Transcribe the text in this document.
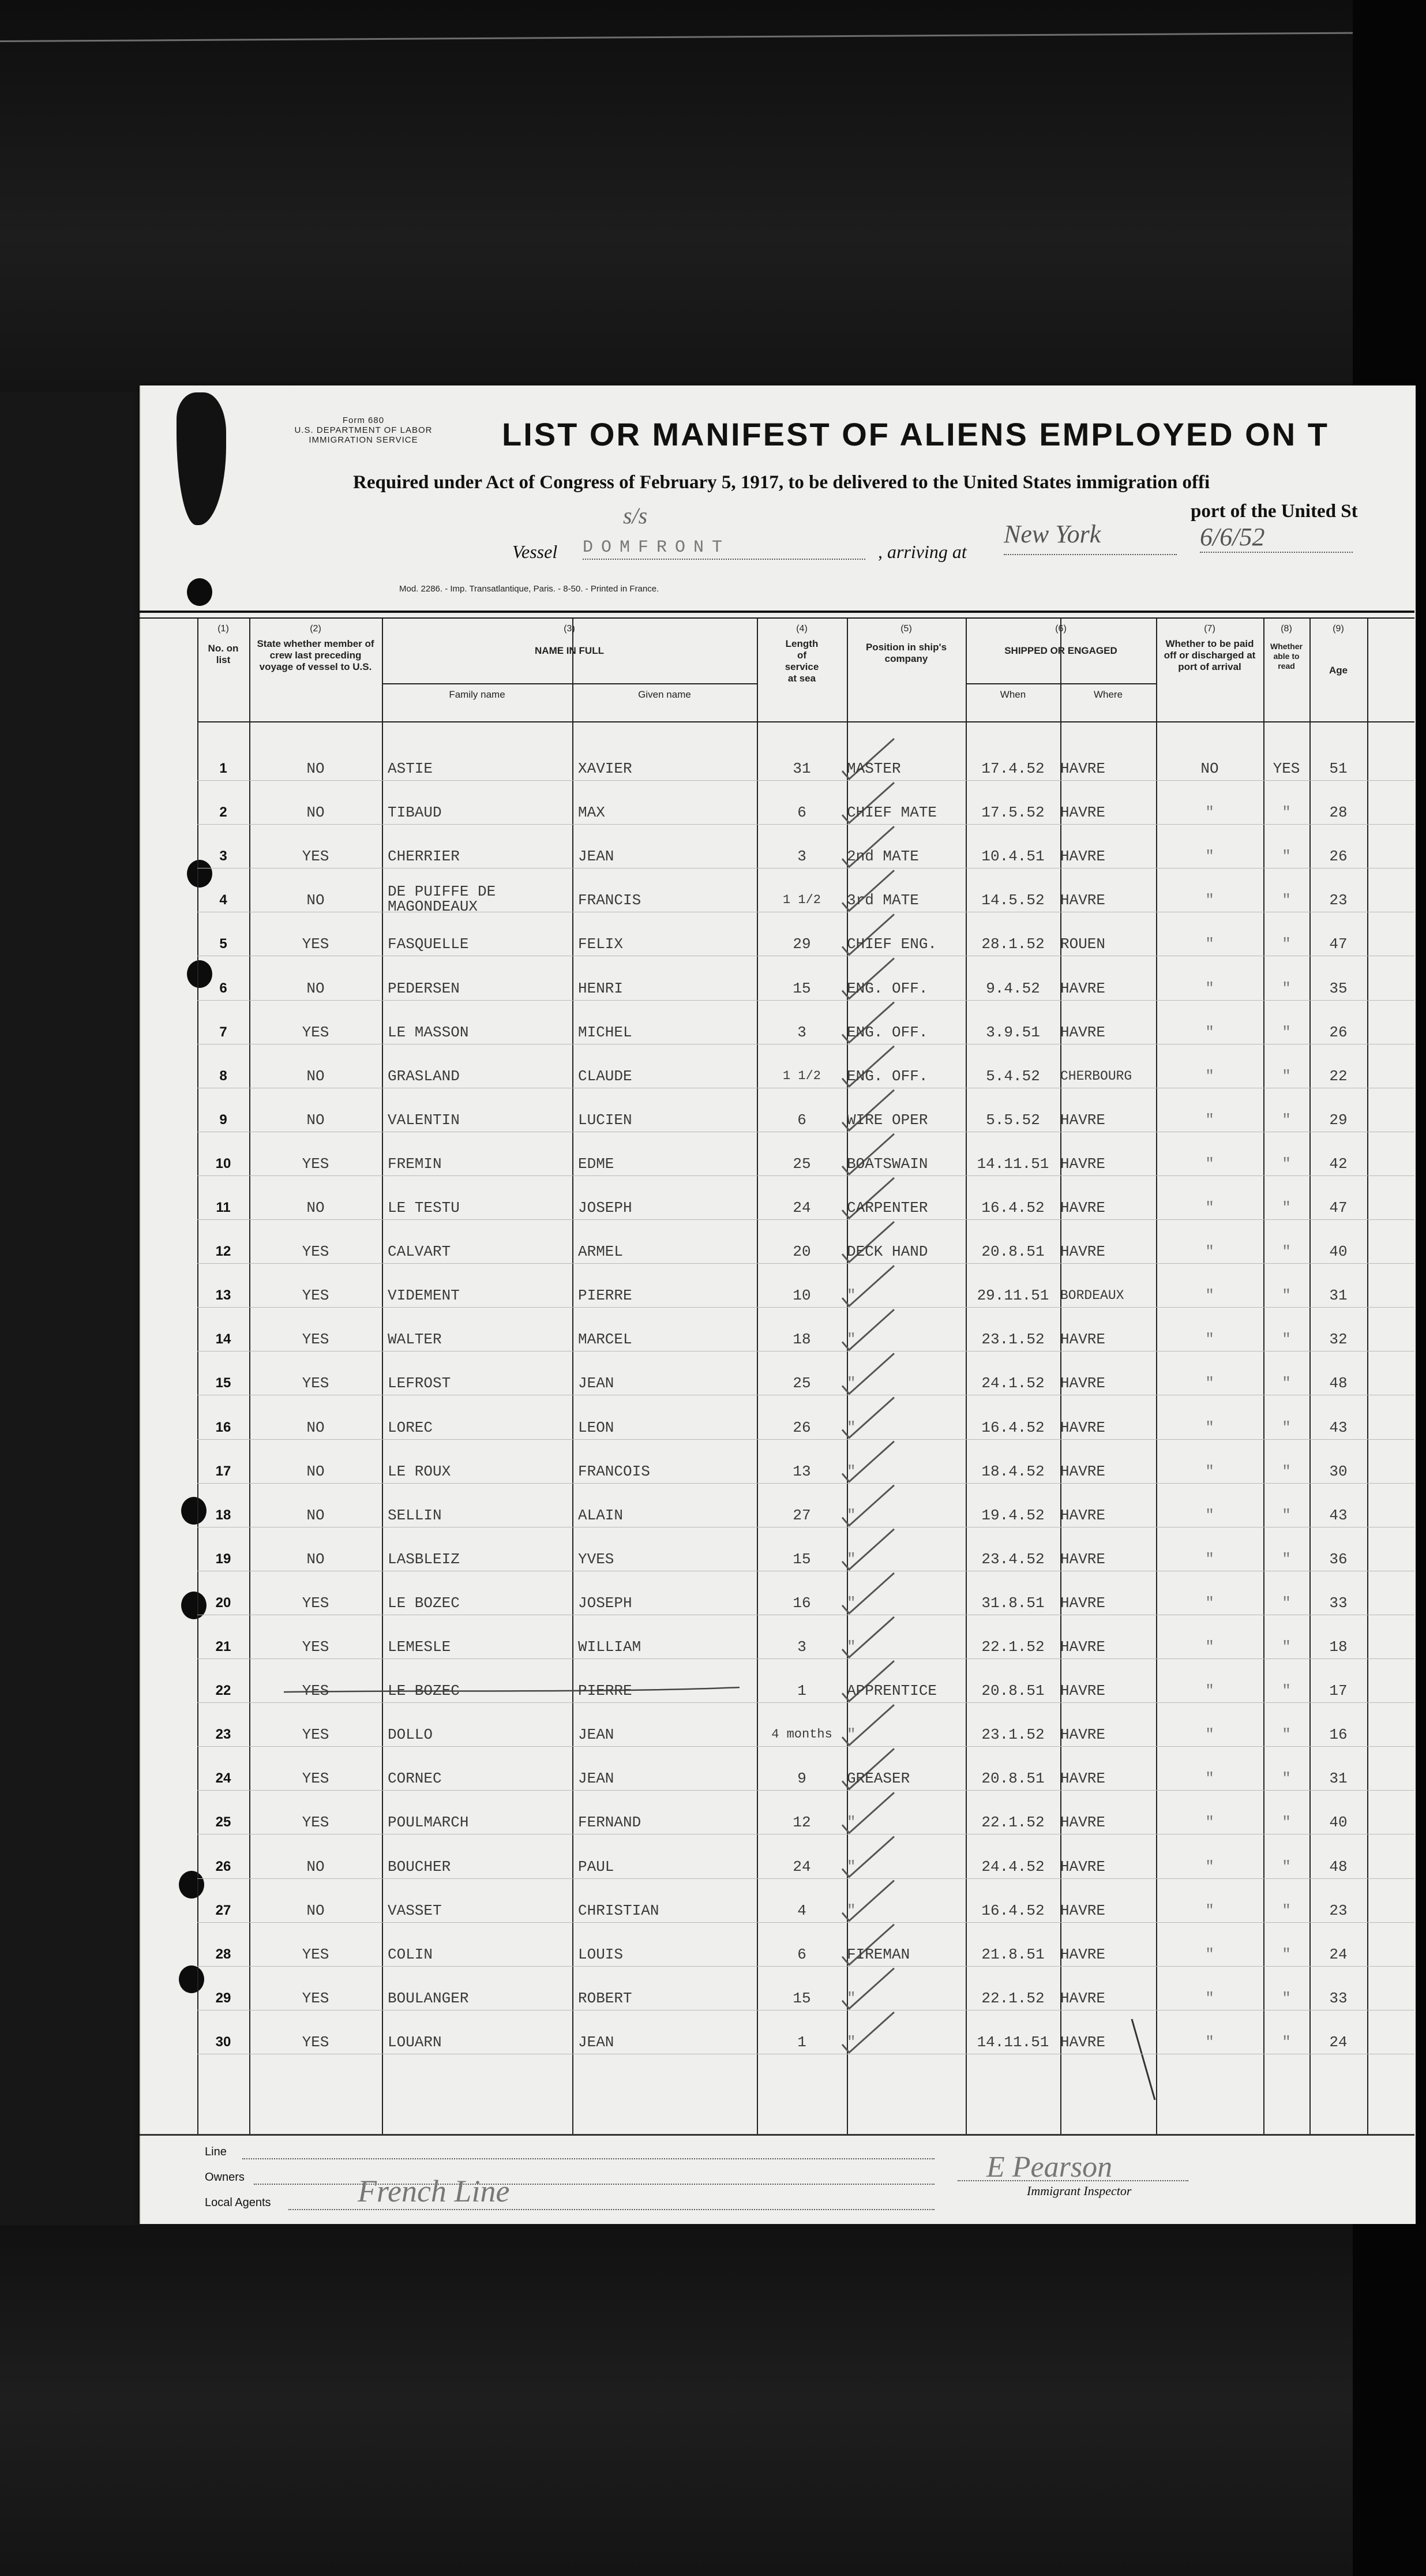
Form 680
U.S. DEPARTMENT OF LABOR
IMMIGRATION SERVICE	LIST OR MANIFEST OF ALIENS EMPLOYED ON T
Required under Act of Congress of February 5, 1917, to be delivered to the United States immigration offi
port of the United St
Vessel
s/s
DOMFRONT	, arriving at
New York	6/6/52
Mod. 2286. - Imp. Transatlantique, Paris. - 8-50. - Printed in France.
(1)
No. on list
(2)
State whether member of crew last preceding voyage of vessel to U.S.
(3)
NAME IN FULL
Family name	Given name
(4)
Length of service at sea
(5)
Position in ship's company
(6)
SHIPPED OR ENGAGED
When	Where
(7)
Whether to be paid off or discharged at port of arrival
(8)
Whether able to read
(9)
Age
1	NO	ASTIE	XAVIER	31	MASTER	17.4.52	HAVRE	NO	YES	51
2	NO	TIBAUD	MAX	6	CHIEF MATE	17.5.52	HAVRE	"	"	28
3	YES	CHERRIER	JEAN	3	2nd MATE	10.4.51	HAVRE	"	"	26
4	NO	DE PUIFFE DE MAGONDEAUX	FRANCIS	1 1/2	3rd MATE	14.5.52	HAVRE	"	"	23
5	YES	FASQUELLE	FELIX	29	CHIEF ENG.	28.1.52	ROUEN	"	"	47
6	NO	PEDERSEN	HENRI	15	ENG. OFF.	9.4.52	HAVRE	"	"	35
7	YES	LE MASSON	MICHEL	3	ENG. OFF.	3.9.51	HAVRE	"	"	26
8	NO	GRASLAND	CLAUDE	1 1/2	ENG. OFF.	5.4.52	CHERBOURG	"	"	22
9	NO	VALENTIN	LUCIEN	6	WIRE OPER	5.5.52	HAVRE	"	"	29
10	YES	FREMIN	EDME	25	BOATSWAIN	14.11.51 HAVRE	"	"	42
11	NO	LE TESTU	JOSEPH	24	CARPENTER	16.4.52	HAVRE	"	"	47
12	YES	CALVART	ARMEL	20	DECK HAND	20.8.51	HAVRE	"	"	40
13	YES	VIDEMENT	PIERRE	10	"	29.11.51 BORDEAUX	"	"	31
14	YES	WALTER	MARCEL	18	"	23.1.52	HAVRE	"	"	32
15	YES	LEFROST	JEAN	25	"	24.1.52	HAVRE	"	"	48
16	NO	LOREC	LEON	26	"	16.4.52	HAVRE	"	"	43
17	NO	LE ROUX	FRANCOIS	13	"	18.4.52	HAVRE	"	"	30
18	NO	SELLIN	ALAIN	27	"	19.4.52	HAVRE	"	"	43
19	NO	LASBLEIZ	YVES	15	"	23.4.52	HAVRE	"	"	36
20	YES	LE BOZEC	JOSEPH	16	"	31.8.51	HAVRE	"	"	33
21	YES	LEMESLE	WILLIAM	3	"	22.1.52	HAVRE	"	"	18
22	YES	LE BOZEC	PIERRE	1	APPRENTICE	20.8.51	HAVRE	"	"	17
23	YES	DOLLO	JEAN	4 months "	23.1.52	HAVRE	"	"	16
24	YES	CORNEC	JEAN	9	GREASER	20.8.51	HAVRE	"	"	31
25	YES	POULMARCH	FERNAND	12	"	22.1.52	HAVRE	"	"	40
26	NO	BOUCHER	PAUL	24	"	24.4.52	HAVRE	"	"	48
27	NO	VASSET	CHRISTIAN	4	"	16.4.52	HAVRE	"	"	23
28	YES	COLIN	LOUIS	6	FIREMAN	21.8.51	HAVRE	"	"	24
29	YES	BOULANGER	ROBERT	15	"	22.1.52	HAVRE	"	"	33
30	YES	LOUARN	JEAN	1	"	14.11.51 HAVRE	"	"	24
Line
Owners
Local Agents	French Line
E Pearson
Immigrant Inspector
